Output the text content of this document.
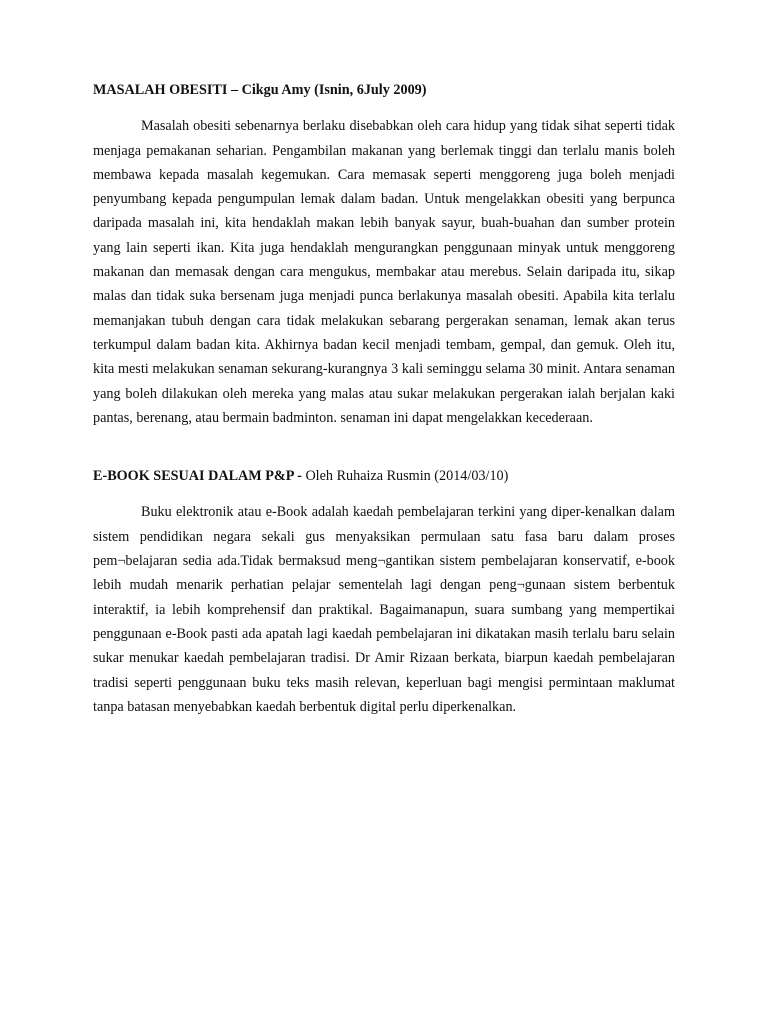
MASALAH OBESITI – Cikgu Amy (Isnin, 6July 2009)

Masalah obesiti sebenarnya berlaku disebabkan oleh cara hidup yang tidak sihat seperti tidak menjaga pemakanan seharian. Pengambilan makanan yang berlemak tinggi dan terlalu manis boleh membawa kepada masalah kegemukan. Cara memasak seperti menggoreng juga boleh menjadi penyumbang kepada pengumpulan lemak dalam badan. Untuk mengelakkan obesiti yang berpunca daripada masalah ini, kita hendaklah makan lebih banyak sayur, buah-buahan dan sumber protein yang lain seperti ikan. Kita juga hendaklah mengurangkan penggunaan minyak untuk menggoreng makanan dan memasak dengan cara mengukus, membakar atau merebus. Selain daripada itu, sikap malas dan tidak suka bersenam juga menjadi punca berlakunya masalah obesiti. Apabila kita terlalu memanjakan tubuh dengan cara tidak melakukan sebarang pergerakan senaman, lemak akan terus terkumpul dalam badan kita. Akhirnya badan kecil menjadi tembam, gempal, dan gemuk. Oleh itu, kita mesti melakukan senaman sekurang-kurangnya 3 kali seminggu selama 30 minit. Antara senaman yang boleh dilakukan oleh mereka yang malas atau sukar melakukan pergerakan ialah berjalan kaki pantas, berenang, atau bermain badminton. senaman ini dapat mengelakkan kecederaan.

E-BOOK SESUAI DALAM P&P - Oleh Ruhaiza Rusmin (2014/03/10)

Buku elektronik atau e-Book adalah kaedah pembelajaran terkini yang diper-kenalkan dalam sistem pendidikan negara sekali gus menyaksikan permulaan satu fasa baru dalam proses pem¬belajaran sedia ada.Tidak bermaksud meng¬gantikan sistem pembelajaran konservatif, e-book lebih mudah menarik perhatian pelajar sementelah lagi dengan peng¬gunaan sistem berbentuk interaktif, ia lebih komprehensif dan praktikal. Bagaimanapun, suara sumbang yang mempertikai penggunaan e-Book pasti ada apatah lagi kaedah pembelajaran ini dikatakan masih terlalu baru selain sukar menukar kaedah pembelajaran tradisi. Dr Amir Rizaan berkata, biarpun kaedah pembelajaran tradisi seperti penggunaan buku teks masih relevan, keperluan bagi mengisi permintaan maklumat tanpa batasan menyebabkan kaedah berbentuk digital perlu diperkenalkan.
